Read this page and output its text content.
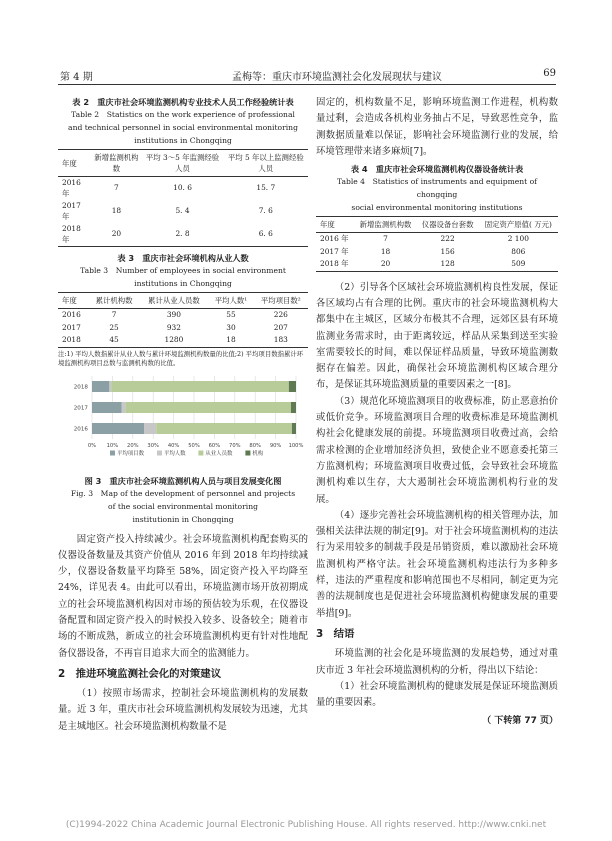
第 4 期	孟梅等：重庆市环境监测社会化发展现状与建议	69
表 2　重庆市社会环境监测机构专业技术人员工作经验统计表
Table 2　Statistics on the work experience of professional
and technical personnel in social environmental monitoring
institutions in Chongqing
年度	新增监测机构数	平均 3～5 年监测经验人员	平均 5 年以上监测经验人员
2016 年	7	10. 6	15. 7
2017 年	18	5. 4	7. 6
2018 年	20	2. 8	6. 6
表 3　重庆市社会环境机构从业人数
Table 3　Number of employees in social environment
institutions in Chongqing
年度	累计机构数	累计从业人员数	平均人数¹	平均项目数²
2016	7	390	55	226
2017	25	932	30	207
2018	45	1280	18	183
注:1) 平均人数指累计从业人数与累计环境监测机构数量的比值;2) 平均项目数指累计环境监测机构项目总数与监测机构数的比值。
0% 10% 20% 30% 40% 50% 60% 70% 80% 90% 100%
2018
2017
2016
平均项目数	平均人数	从业人员数	机构
图 3　重庆市社会环境监测机构人员与项目发展变化图
Fig. 3　Map of the development of personnel and projects
of the social environmental monitoring
institutionin in Chongqing

固定资产投入持续减少。社会环境监测机构配套购买的仪器设备数量及其资产价值从 2016 年到 2018 年均持续减少，仪器设备数量平均降至 58%，固定资产投入平均降至 24%，详见表 4。由此可以看出，环境监测市场开放初期成立的社会环境监测机构因对市场的预估较为乐观，在仪器设备配置和固定资产投入的时候投入较多、设备较全；随着市场的不断成熟，新成立的社会环境监测机构更有针对性地配备仪器设备，不再盲目追求大而全的监测能力。

2　推进环境监测社会化的对策建议

（1）按照市场需求，控制社会环境监测机构的发展数量。近 3 年，重庆市社会环境监测机构发展较为迅速，尤其是主城地区。社会环境监测机构数量不是

固定的，机构数量不足，影响环境监测工作进程，机构数量过剩，会造成各机构业务抽占不足，导致恶性竞争，监测数据质量难以保证，影响社会环境监测行业的发展，给环境管理带来诸多麻烦[7]。

表 4　重庆市社会环境监测机构仪器设备统计表
Table 4　Statistics of instruments and equipment of chongqing
social environmental monitoring institutions
年度	新增监测机构数	仪器设备台套数	固定资产原值( 万元)
2016 年	7	222	2 100
2017 年	18	156	806
2018 年	20	128	509

（2）引导各个区域社会环境监测机构良性发展，保证各区域均占有合理的比例。重庆市的社会环境监测机构大都集中在主城区，区域分布极其不合理，远郊区县有环境监测业务需求时，由于距离较远，样品从采集到送至实验室需要较长的时间，难以保证样品质量，导致环境监测数据存在偏差。因此，确保社会环境监测机构区域合理分布，是保证其环境监测质量的重要因素之一[8]。

（3）规范化环境监测项目的收费标准，防止恶意抬价或低价竞争。环境监测项目合理的收费标准是环境监测机构社会化健康发展的前提。环境监测项目收费过高，会给需求检测的企业增加经济负担，致使企业不愿意委托第三方监测机构；环境监测项目收费过低，会导致社会环境监测机构难以生存，大大遏制社会环境监测机构行业的发展。

（4）逐步完善社会环境监测机构的相关管理办法，加强相关法律法规的制定[9]。对于社会环境监测机构的违法行为采用较多的制裁手段是吊销资质，难以激励社会环境监测机构严格守法。社会环境监测机构违法行为多种多样，违法的严重程度和影响范围也不尽相同，制定更为完善的法规制度也是促进社会环境监测机构健康发展的重要举措[9]。

3　结语

环境监测的社会化是环境监测的发展趋势，通过对重庆市近 3 年社会环境监测机构的分析，得出以下结论：

（1）社会环境监测机构的健康发展是保证环境监测质量的重要因素。

（ 下转第 77 页）
(C)1994-2022 China Academic Journal Electronic Publishing House. All rights reserved. http://www.cnki.net
